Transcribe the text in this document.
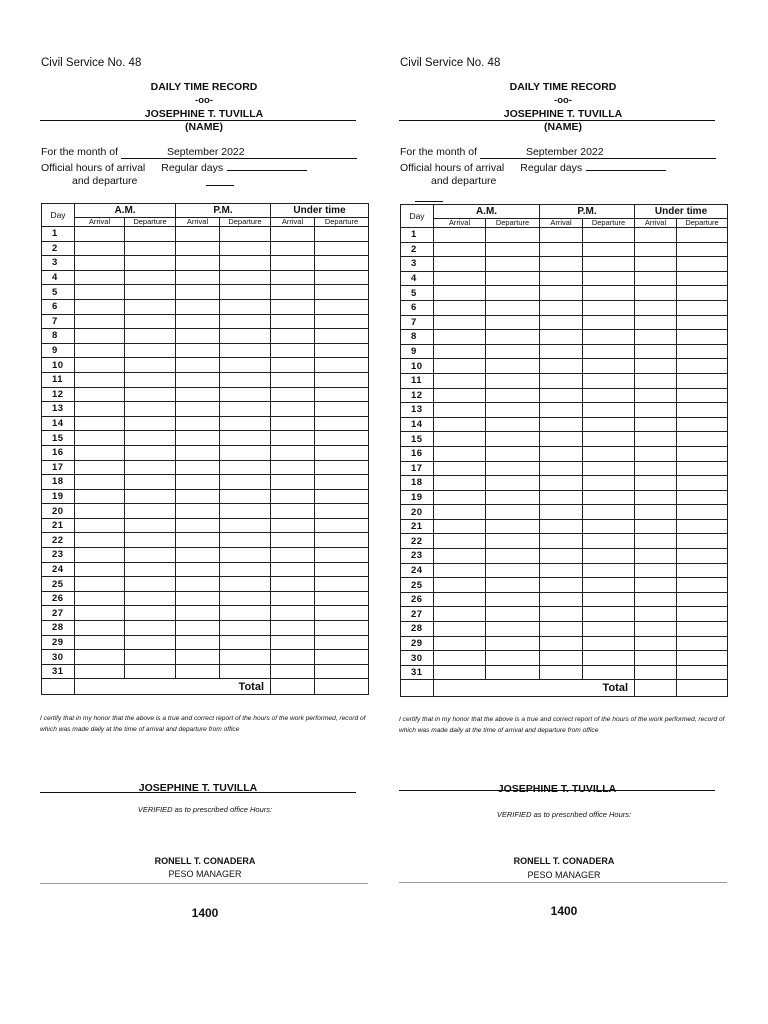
Civil Service No. 48
DAILY TIME RECORD
-oo-
JOSEPHINE T. TUVILLA
(NAME)
For the month of	September 2022
Official hours of arrival Regular days
and departure
Day	A.M.		P.M.		Under time	
	Arrival	Departure	Arrival	Departure	Arrival	Departure
1						
2						
3						
4						
5						
6						
7						
8						
9						
10						
11						
12						
13						
14						
15						
16						
17						
18						
19						
20						
21						
22						
23						
24						
25						
26						
27						
28						
29						
30						
31						
	Total					
I certify that in my honor that the above is a true and correct report of the hours of the work performed, record of which was made daily at the time of arrival and departure from office
JOSEPHINE T. TUVILLA
VERIFIED as to prescribed office Hours:
RONELL T. CONADERA
PESO MANAGER
1400
Civil Service No. 48
DAILY TIME RECORD
-oo-
JOSEPHINE T. TUVILLA
(NAME)
For the month of	September 2022
Official hours of arrival Regular days
and departure
Day	A.M.		P.M.		Under time	
	Arrival	Departure	Arrival	Departure	Arrival	Departure
1						
2						
3						
4						
5						
6						
7						
8						
9						
10						
11						
12						
13						
14						
15						
16						
17						
18						
19						
20						
21						
22						
23						
24						
25						
26						
27						
28						
29						
30						
31						
	Total					
I certify that in my honor that the above is a true and correct report of the hours of the work performed, record of which was made daily at the time of arrival and departure from office
JOSEPHINE T. TUVILLA
VERIFIED as to prescribed office Hours:
RONELL T. CONADERA
PESO MANAGER
1400
